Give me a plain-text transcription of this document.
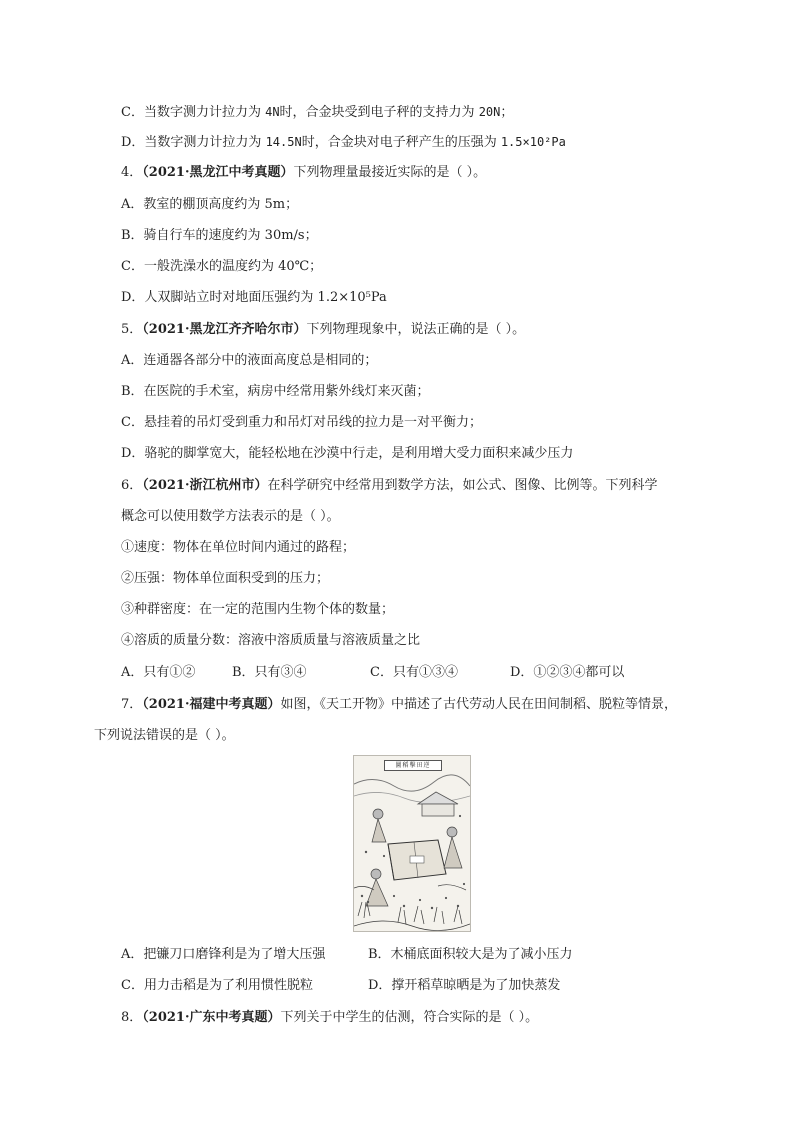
C．当数字测力计拉力为 4N时，合金块受到电子秤的支持力为 20N；
D．当数字测力计拉力为 14.5N时，合金块对电子秤产生的压强为 1.5×10²Pa
4．（2021·黑龙江中考真题）下列物理量最接近实际的是（ ）。
A．教室的棚顶高度约为 5m；
B．骑自行车的速度约为 30m/s；
C．一般洗澡水的温度约为 40℃；
D．人双脚站立时对地面压强约为 1.2×10⁵Pa
5．（2021·黑龙江齐齐哈尔市）下列物理现象中，说法正确的是（ ）。
A．连通器各部分中的液面高度总是相同的；
B．在医院的手术室，病房中经常用紫外线灯来灭菌；
C．悬挂着的吊灯受到重力和吊灯对吊线的拉力是一对平衡力；
D．骆驼的脚掌宽大，能轻松地在沙漠中行走，是利用增大受力面积来减少压力
6．（2021·浙江杭州市）在科学研究中经常用到数学方法，如公式、图像、比例等。下列科学
概念可以使用数学方法表示的是（ ）。
①速度：物体在单位时间内通过的路程；
②压强：物体单位面积受到的压力；
③种群密度：在一定的范围内生物个体的数量；
④溶质的质量分数：溶液中溶质质量与溶液质量之比
A．只有①②	B．只有③④	C．只有①③④	D．①②③④都可以
7．（2021·福建中考真题）如图，《天工开物》中描述了古代劳动人民在田间制稻、脱粒等情景，
下列说法错误的是（ ）。
圖稻擊田逆
A．把镰刀口磨锋利是为了增大压强	B．木桶底面积较大是为了减小压力
C．用力击稻是为了利用惯性脱粒	D．撑开稻草晾晒是为了加快蒸发
8．（2021·广东中考真题）下列关于中学生的估测，符合实际的是（ ）。
